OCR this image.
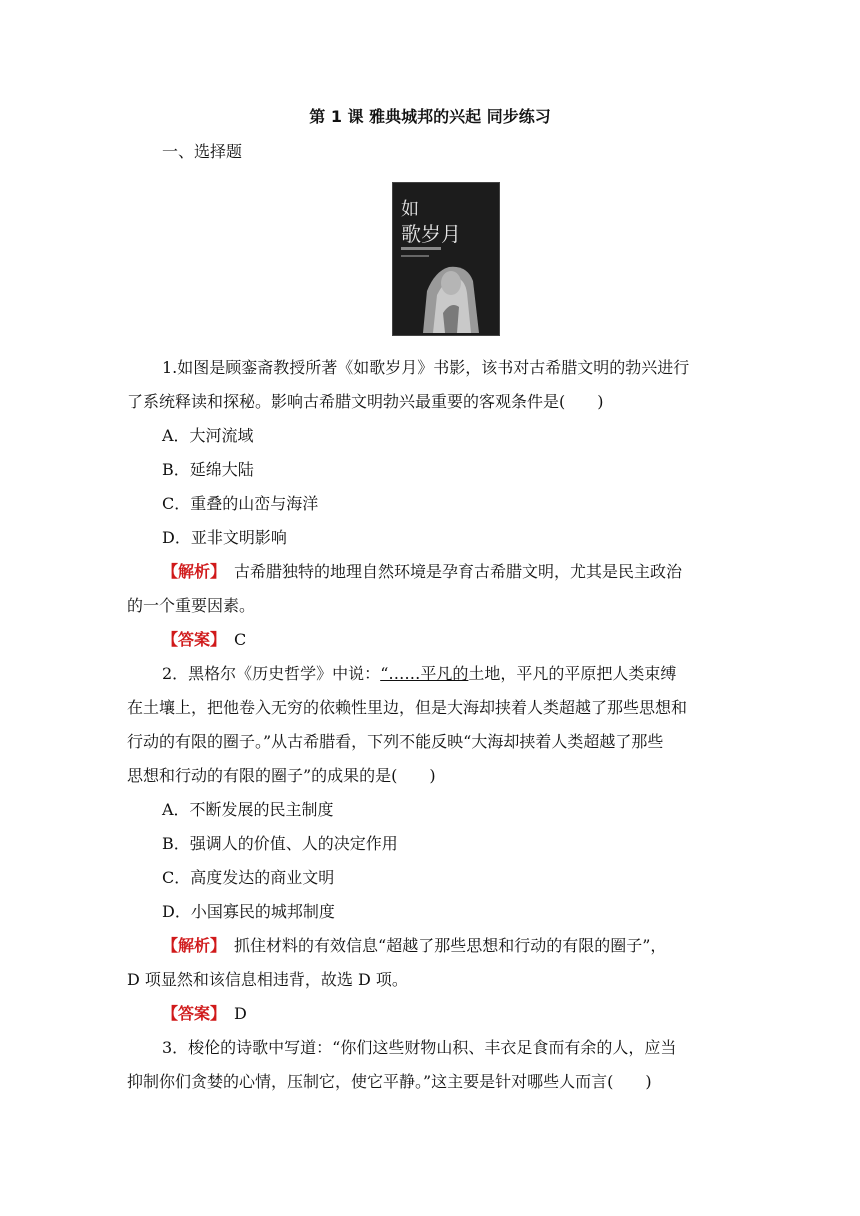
第 1 课 雅典城邦的兴起 同步练习
一、选择题
如
歌岁月
1.如图是顾銮斋教授所著《如歌岁月》书影，该书对古希腊文明的勃兴进行
了系统释读和探秘。影响古希腊文明勃兴最重要的客观条件是(　　)
A．大河流域
B．延绵大陆
C．重叠的山峦与海洋
D．亚非文明影响
【解析】　古希腊独特的地理自然环境是孕育古希腊文明，尤其是民主政治
的一个重要因素。
【答案】　C
2．黑格尔《历史哲学》中说：“……平凡的土地，平凡的平原把人类束缚
在土壤上，把他卷入无穷的依赖性里边，但是大海却挟着人类超越了那些思想和
行动的有限的圈子。”从古希腊看，下列不能反映“大海却挟着人类超越了那些
思想和行动的有限的圈子”的成果的是(　　)
A．不断发展的民主制度
B．强调人的价值、人的决定作用
C．高度发达的商业文明
D．小国寡民的城邦制度
【解析】　抓住材料的有效信息“超越了那些思想和行动的有限的圈子”，
D 项显然和该信息相违背，故选 D 项。
【答案】　D
3．梭伦的诗歌中写道：“你们这些财物山积、丰衣足食而有余的人，应当
抑制你们贪婪的心情，压制它，使它平静。”这主要是针对哪些人而言(　　)
